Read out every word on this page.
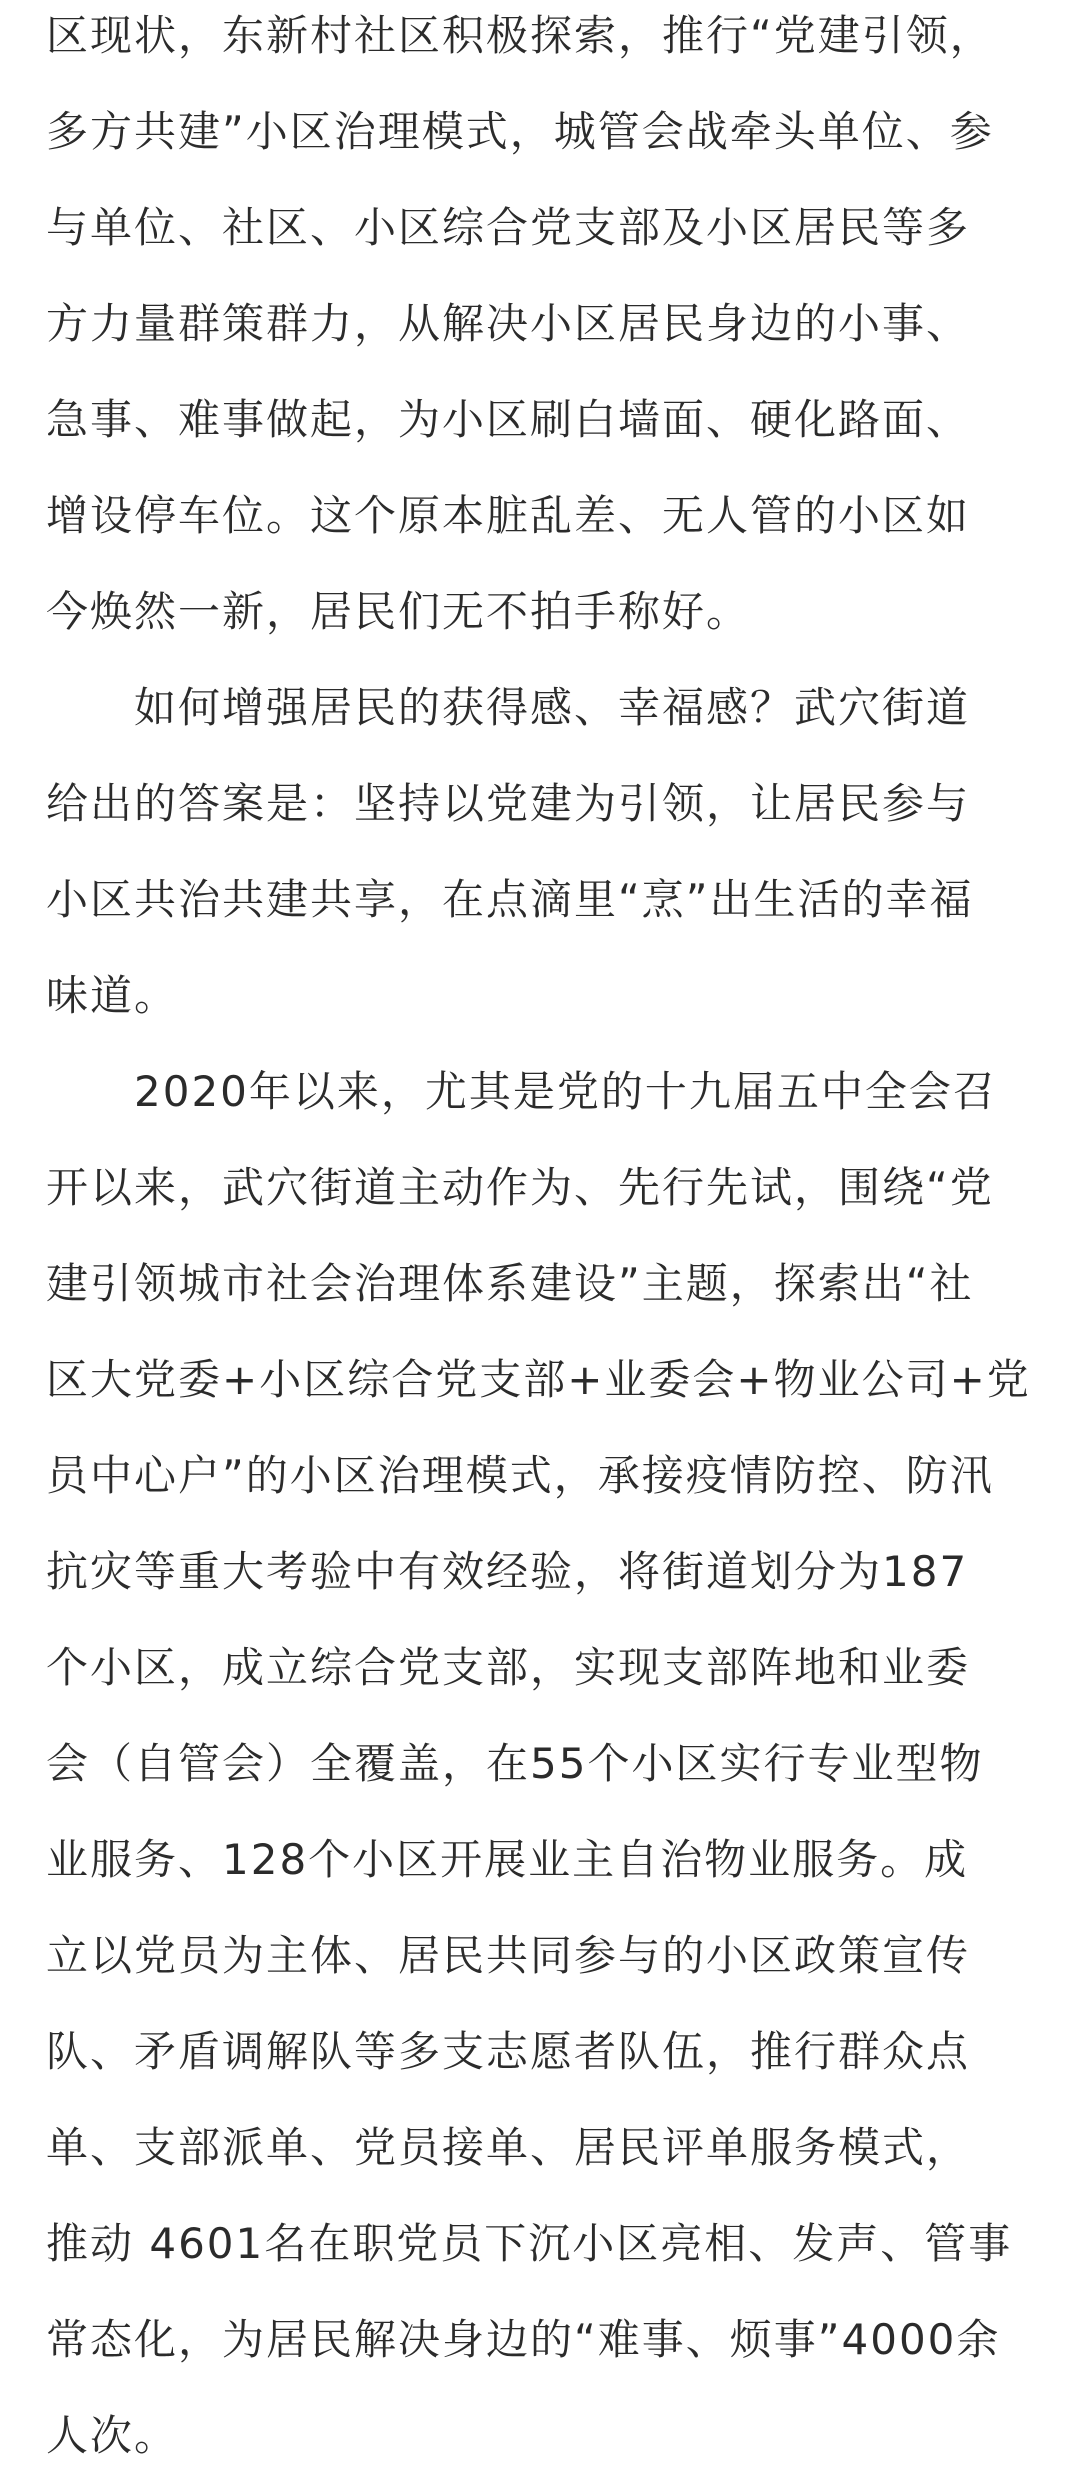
区现状，东新村社区积极探索，推行“党建引领，
多方共建”小区治理模式，城管会战牵头单位、参
与单位、社区、小区综合党支部及小区居民等多
方力量群策群力，从解决小区居民身边的小事、
急事、难事做起，为小区刷白墙面、硬化路面、
增设停车位。这个原本脏乱差、无人管的小区如
今焕然一新，居民们无不拍手称好。
如何增强居民的获得感、幸福感？武穴街道
给出的答案是：坚持以党建为引领，让居民参与
小区共治共建共享，在点滴里“烹”出生活的幸福
味道。
2020年以来，尤其是党的十九届五中全会召
开以来，武穴街道主动作为、先行先试，围绕“党
建引领城市社会治理体系建设”主题，探索出“社
区大党委+小区综合党支部+业委会+物业公司+党
员中心户”的小区治理模式，承接疫情防控、防汛
抗灾等重大考验中有效经验，将街道划分为187
个小区，成立综合党支部，实现支部阵地和业委
会（自管会）全覆盖，在55个小区实行专业型物
业服务、128个小区开展业主自治物业服务。成
立以党员为主体、居民共同参与的小区政策宣传
队、矛盾调解队等多支志愿者队伍，推行群众点
单、支部派单、党员接单、居民评单服务模式，
推动 4601名在职党员下沉小区亮相、发声、管事
常态化，为居民解决身边的“难事、烦事”4000余
人次。
